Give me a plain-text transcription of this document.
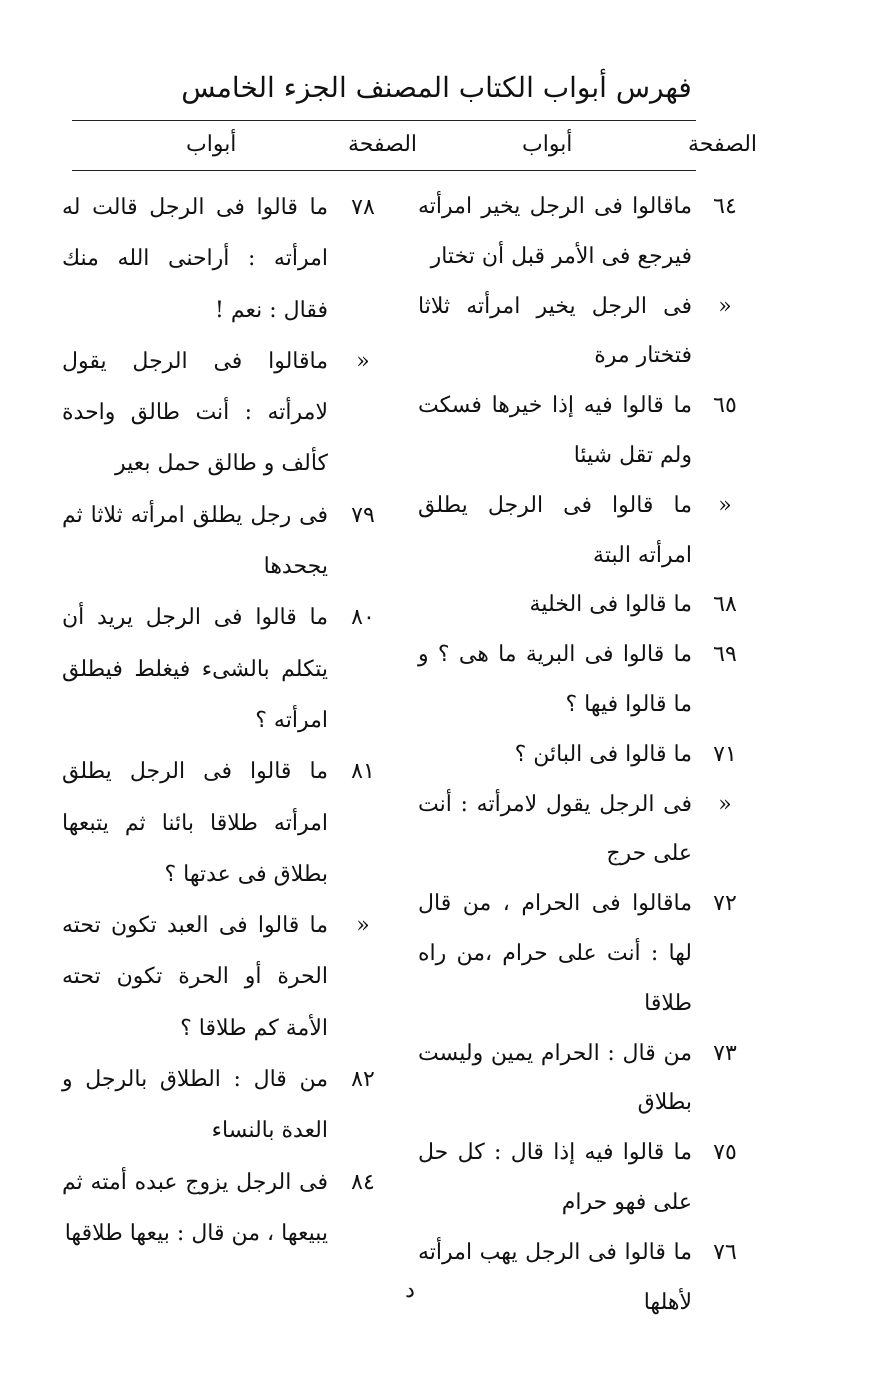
فهرس أبواب الكتاب المصنف الجزء الخامس
الصفحة
أبواب
الصفحة
أبواب
٦٤
ماقالوا فى الرجل يخير امرأته فيرجع فى الأمر قبل أن تختار
«
فى الرجل يخير امرأته ثلاثا فتختار مرة
٦٥
ما قالوا فيه إذا خيرها فسكت ولم تقل شيئا
«
ما قالوا فى الرجل يطلق امرأته البتة
٦٨
ما قالوا فى الخلية
٦٩
ما قالوا فى البرية ما هى ؟ و ما قالوا فيها ؟
٧١
ما قالوا فى البائن ؟
«
فى الرجل يقول لامرأته : أنت على حرج
٧٢
ماقالوا فى الحرام ، من قال لها : أنت على حرام ،من راه طلاقا
٧٣
من قال : الحرام يمين وليست بطلاق
٧٥
ما قالوا فيه إذا قال : كل حل على فهو حرام
٧٦
ما قالوا فى الرجل يهب امرأته لأهلها
٧٨
ما قالوا فى الرجل قالت له امرأته : أراحنى الله منك فقال : نعم !
«
ماقالوا فى الرجل يقول لامرأته : أنت طالق واحدة كألف و طالق حمل بعير
٧٩
فى رجل يطلق امرأته ثلاثا ثم يجحدها
٨٠
ما قالوا فى الرجل يريد أن يتكلم بالشىء فيغلط فيطلق امرأته ؟
٨١
ما قالوا فى الرجل يطلق امرأته طلاقا بائنا ثم يتبعها بطلاق فى عدتها ؟
«
ما قالوا فى العبد تكون تحته الحرة أو الحرة تكون تحته الأمة كم طلاقا ؟
٨٢
من قال : الطلاق بالرجل و العدة بالنساء
٨٤
فى الرجل يزوج عبده أمته ثم يبيعها ، من قال : بيعها طلاقها
د
